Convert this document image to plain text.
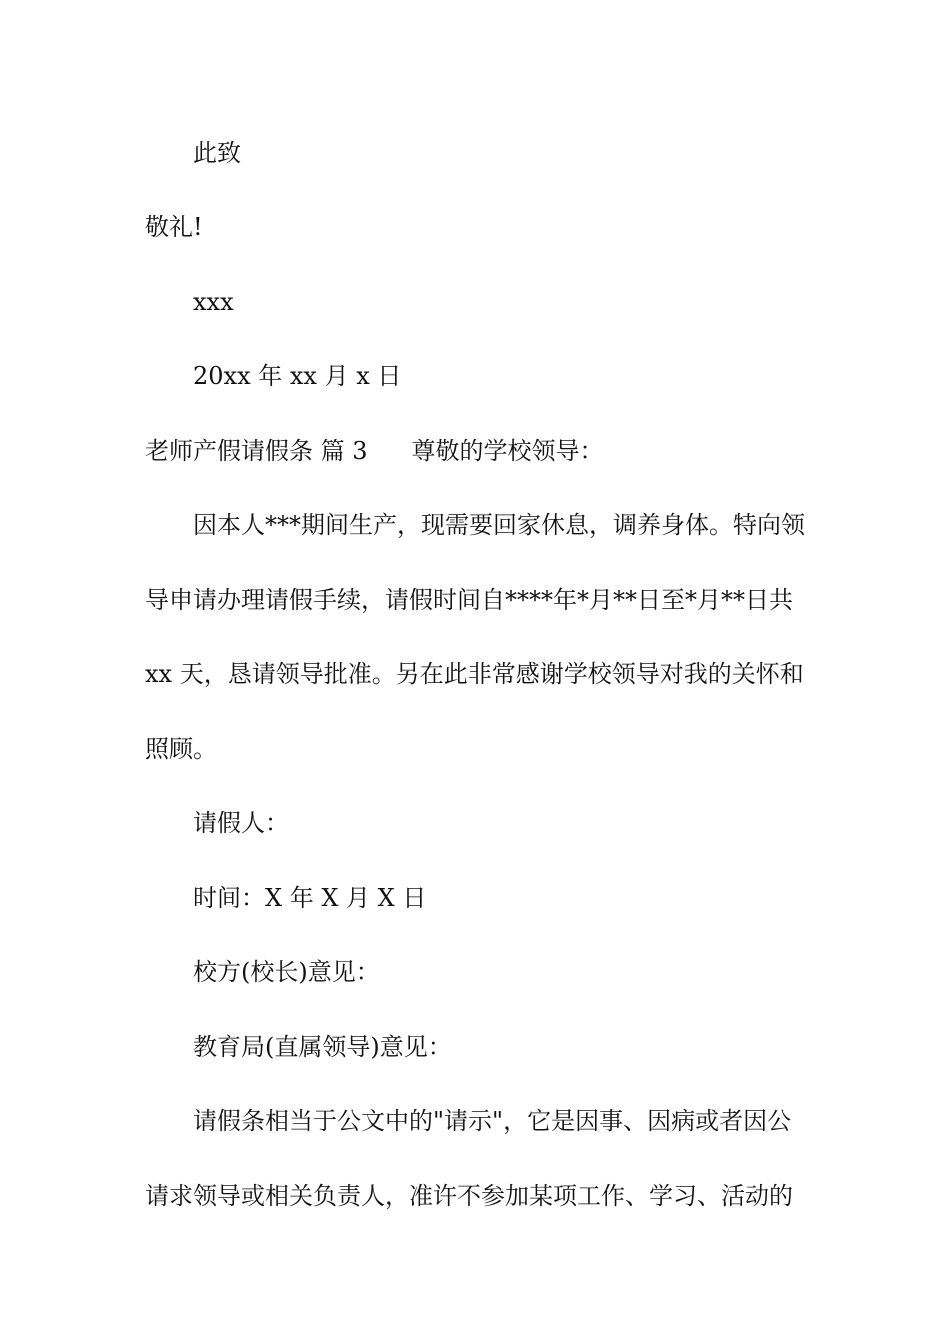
此致
敬礼!
xxx
20xx 年 xx 月 x 日
老师产假请假条 篇 3 尊敬的学校领导：
因本人***期间生产，现需要回家休息，调养身体。特向领
导申请办理请假手续，请假时间自****年*月**日至*月**日共
xx 天，恳请领导批准。另在此非常感谢学校领导对我的关怀和
照顾。
请假人：
时间：X 年 X 月 X 日
校方(校长)意见：
教育局(直属领导)意见：
请假条相当于公文中的"请示"，它是因事、因病或者因公
请求领导或相关负责人，准许不参加某项工作、学习、活动的
